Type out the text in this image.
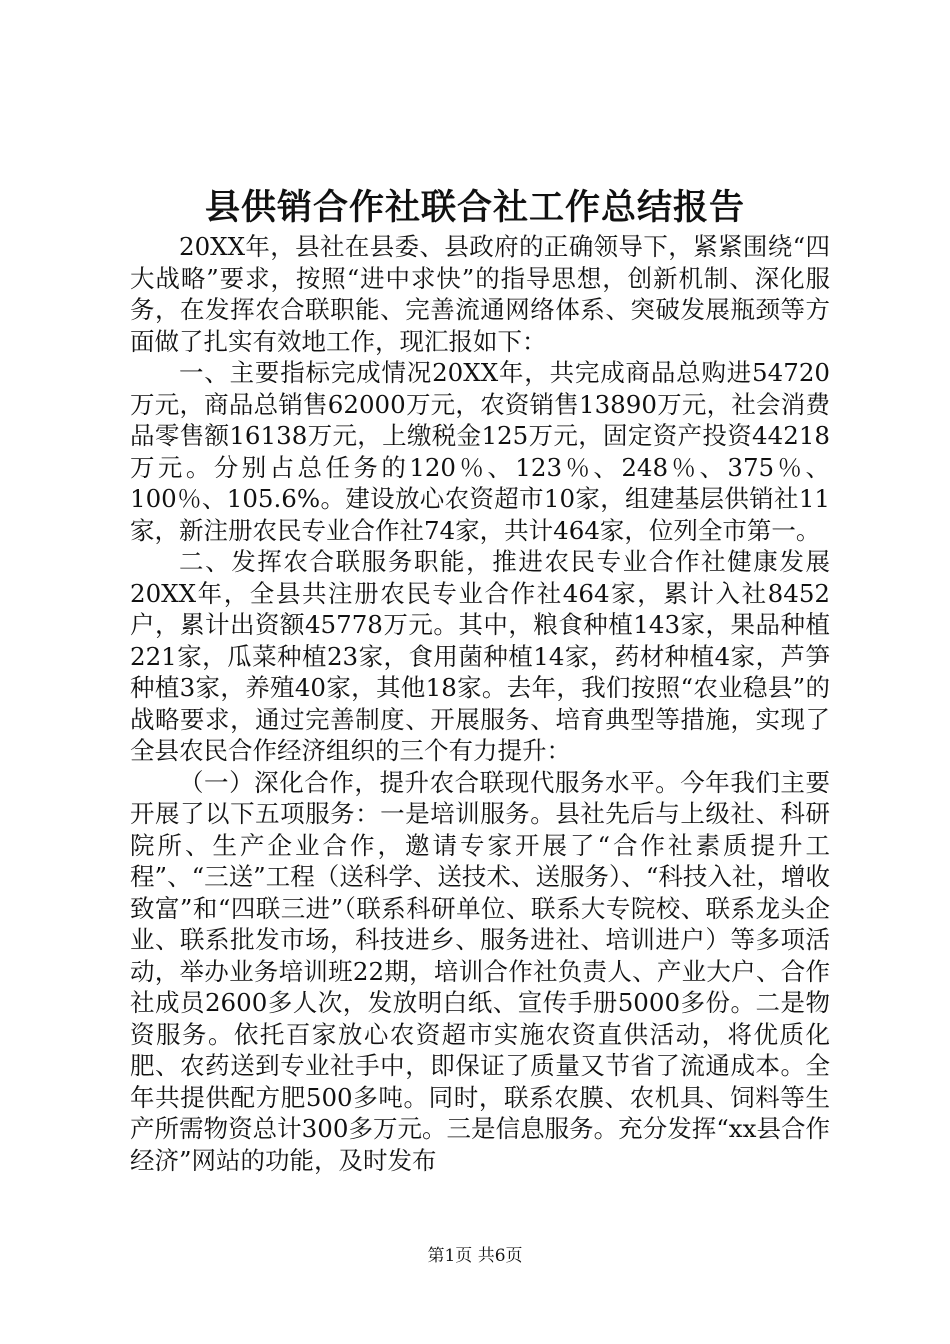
县供销合作社联合社工作总结报告

20XX年，县社在县委、县政府的正确领导下，紧紧围绕“四大战略”要求，按照“进中求快”的指导思想，创新机制、深化服务，在发挥农合联职能、完善流通网络体系、突破发展瓶颈等方面做了扎实有效地工作，现汇报如下：

一、主要指标完成情况20XX年，共完成商品总购进54720万元，商品总销售62000万元，农资销售13890万元，社会消费品零售额16138万元，上缴税金125万元，固定资产投资44218万元。分别占总任务的120％、123％、248％、375％、100％、105.6%。建设放心农资超市10家，组建基层供销社11家，新注册农民专业合作社74家，共计464家，位列全市第一。

二、发挥农合联服务职能，推进农民专业合作社健康发展20XX年，全县共注册农民专业合作社464家，累计入社8452户，累计出资额45778万元。其中，粮食种植143家，果品种植221家，瓜菜种植23家，食用菌种植14家，药材种植4家，芦笋种植3家，养殖40家，其他18家。去年，我们按照“农业稳县”的战略要求，通过完善制度、开展服务、培育典型等措施，实现了全县农民合作经济组织的三个有力提升：

（一）深化合作，提升农合联现代服务水平。今年我们主要开展了以下五项服务：一是培训服务。县社先后与上级社、科研院所、生产企业合作，邀请专家开展了“合作社素质提升工程”、“三送”工程（送科学、送技术、送服务）、“科技入社，增收致富”和“四联三进”（联系科研单位、联系大专院校、联系龙头企业、联系批发市场，科技进乡、服务进社、培训进户）等多项活动，举办业务培训班22期，培训合作社负责人、产业大户、合作社成员2600多人次，发放明白纸、宣传手册5000多份。二是物资服务。依托百家放心农资超市实施农资直供活动，将优质化肥、农药送到专业社手中，即保证了质量又节省了流通成本。全年共提供配方肥500多吨。同时，联系农膜、农机具、饲料等生产所需物资总计300多万元。三是信息服务。充分发挥“xx县合作经济”网站的功能，及时发布

第1页 共6页
